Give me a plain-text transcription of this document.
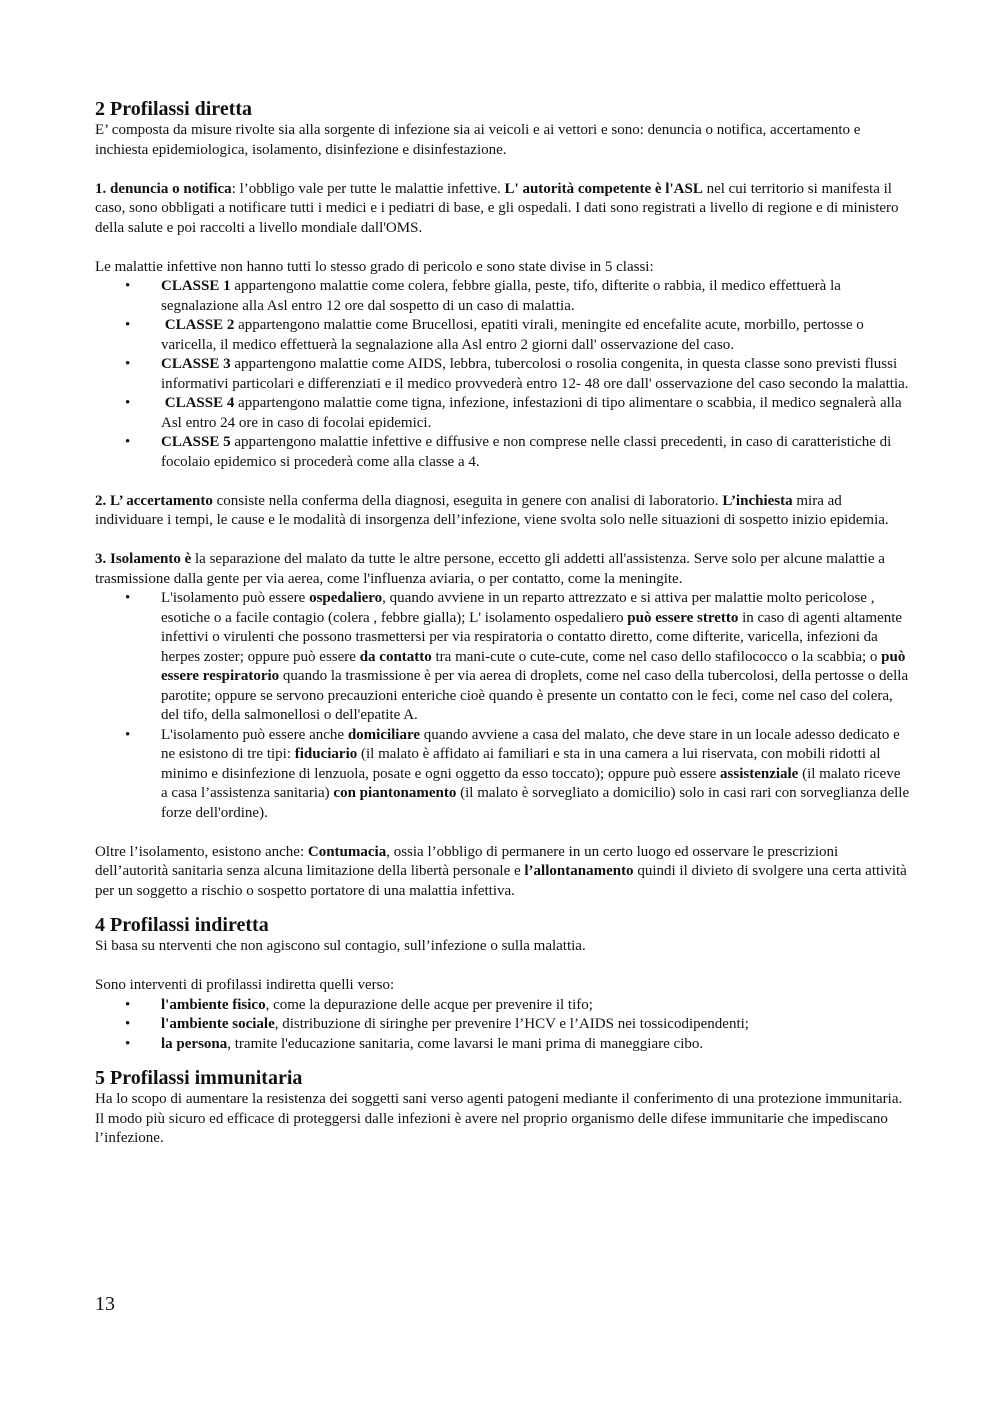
2 Profilassi diretta

E’ composta da misure rivolte sia alla sorgente di infezione sia ai veicoli e ai vettori e sono: denuncia o notifica, accertamento e inchiesta epidemiologica, isolamento, disinfezione e disinfestazione.

1. denuncia o notifica: l’obbligo vale per tutte le malattie infettive. L' autorità competente è l'ASL nel cui territorio si manifesta il caso, sono obbligati a notificare tutti i medici e i pediatri di base, e gli ospedali. I dati sono registrati a livello di regione e di ministero della salute e poi raccolti a livello mondiale dall'OMS.

Le malattie infettive non hanno tutti lo stesso grado di pericolo e sono state divise in 5 classi:

• CLASSE 1 appartengono malattie come colera, febbre gialla, peste, tifo, difterite o rabbia, il medico effettuerà la segnalazione alla Asl entro 12 ore dal sospetto di un caso di malattia.
• CLASSE 2 appartengono malattie come Brucellosi, epatiti virali, meningite ed encefalite acute, morbillo, pertosse o varicella, il medico effettuerà la segnalazione alla Asl entro 2 giorni dall' osservazione del caso.
• CLASSE 3 appartengono malattie come AIDS, lebbra, tubercolosi o rosolia congenita, in questa classe sono previsti flussi informativi particolari e differenziati e il medico provvederà entro 12- 48 ore dall' osservazione del caso secondo la malattia.
• CLASSE 4 appartengono malattie come tigna, infezione, infestazioni di tipo alimentare o scabbia, il medico segnalerà alla Asl entro 24 ore in caso di focolai epidemici.
• CLASSE 5 appartengono malattie infettive e diffusive e non comprese nelle classi precedenti, in caso di caratteristiche di focolaio epidemico si procederà come alla classe a 4.

2. L’ accertamento consiste nella conferma della diagnosi, eseguita in genere con analisi di laboratorio. L’inchiesta mira ad individuare i tempi, le cause e le modalità di insorgenza dell’infezione, viene svolta solo nelle situazioni di sospetto inizio epidemia.

3. Isolamento è la separazione del malato da tutte le altre persone, eccetto gli addetti all'assistenza. Serve solo per alcune malattie a trasmissione dalla gente per via aerea, come l'influenza aviaria, o per contatto, come la meningite.

• L'isolamento può essere ospedaliero, quando avviene in un reparto attrezzato e si attiva per malattie molto pericolose , esotiche o a facile contagio (colera , febbre gialla); L' isolamento ospedaliero può essere stretto in caso di agenti altamente infettivi o virulenti che possono trasmettersi per via respiratoria o contatto diretto, come difterite, varicella, infezioni da herpes zoster; oppure può essere da contatto tra mani-cute o cute-cute, come nel caso dello stafilococco o la scabbia; o può essere respiratorio quando la trasmissione è per via aerea di droplets, come nel caso della tubercolosi, della pertosse o della parotite; oppure se servono precauzioni enteriche cioè quando è presente un contatto con le feci, come nel caso del colera, del tifo, della salmonellosi o dell'epatite A.
• L'isolamento può essere anche domiciliare quando avviene a casa del malato, che deve stare in un locale adesso dedicato e ne esistono di tre tipi: fiduciario (il malato è affidato ai familiari e sta in una camera a lui riservata, con mobili ridotti al minimo e disinfezione di lenzuola, posate e ogni oggetto da esso toccato); oppure può essere assistenziale (il malato riceve a casa l’assistenza sanitaria) con piantonamento (il malato è sorvegliato a domicilio) solo in casi rari con sorveglianza delle forze dell'ordine).

Oltre l’isolamento, esistono anche: Contumacia, ossia l’obbligo di permanere in un certo luogo ed osservare le prescrizioni dell’autorità sanitaria senza alcuna limitazione della libertà personale e l’allontanamento quindi il divieto di svolgere una certa attività per un soggetto a rischio o sospetto portatore di una malattia infettiva.

4 Profilassi indiretta

Si basa su nterventi che non agiscono sul contagio, sull’infezione o sulla malattia.

Sono interventi di profilassi indiretta quelli verso:

• l'ambiente fisico, come la depurazione delle acque per prevenire il tifo;
• l'ambiente sociale, distribuzione di siringhe per prevenire l’HCV e l’AIDS nei tossicodipendenti;
• la persona, tramite l'educazione sanitaria, come lavarsi le mani prima di maneggiare cibo.
5 Profilassi immunitaria

Ha lo scopo di aumentare la resistenza dei soggetti sani verso agenti patogeni mediante il conferimento di una protezione immunitaria. Il modo più sicuro ed efficace di proteggersi dalle infezioni è avere nel proprio organismo delle difese immunitarie che impediscano l’infezione.

13
